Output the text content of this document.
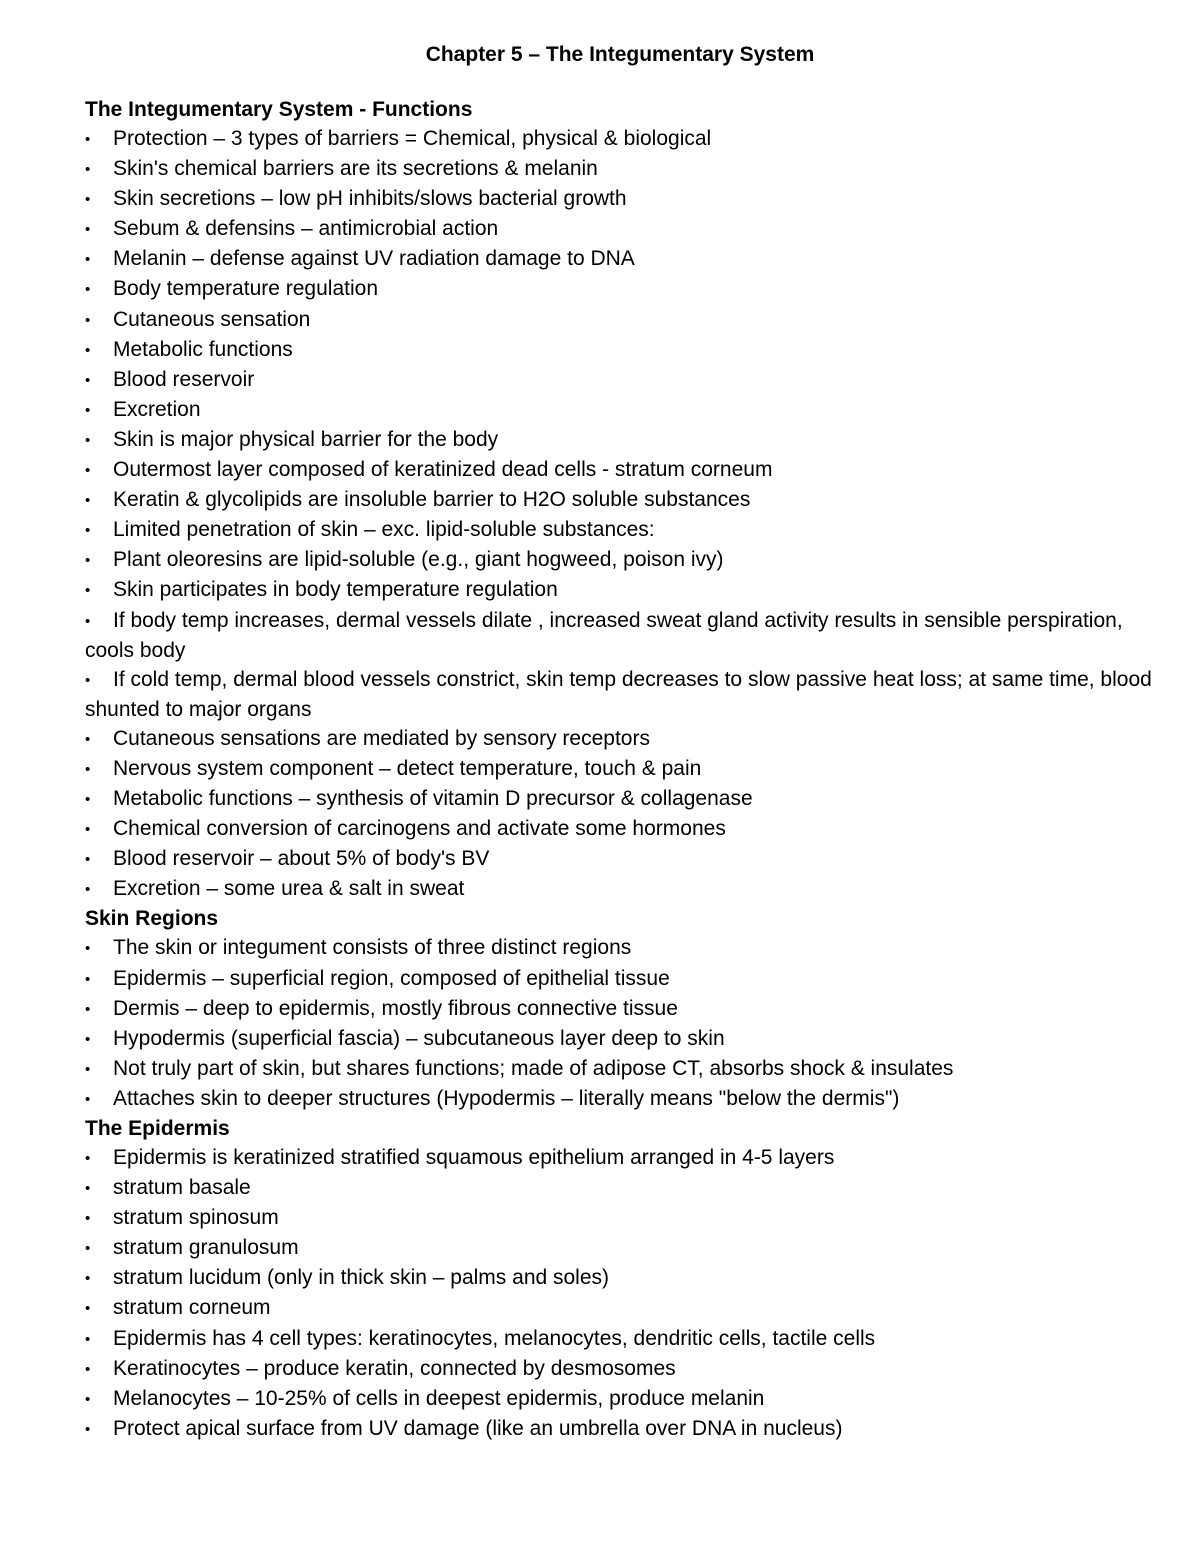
Chapter 5 – The Integumentary System
The Integumentary System - Functions
• Protection – 3 types of barriers = Chemical, physical & biological
• Skin's chemical barriers are its secretions & melanin
• Skin secretions – low pH inhibits/slows bacterial growth
• Sebum & defensins – antimicrobial action
• Melanin – defense against UV radiation damage to DNA
• Body temperature regulation
• Cutaneous sensation
• Metabolic functions
• Blood reservoir
• Excretion
• Skin is major physical barrier for the body
• Outermost layer composed of keratinized dead cells - stratum corneum
• Keratin & glycolipids are insoluble barrier to H2O soluble substances
• Limited penetration of skin – exc. lipid-soluble substances:
• Plant oleoresins are lipid-soluble (e.g., giant hogweed, poison ivy)
• Skin participates in body temperature regulation
• If body temp increases, dermal vessels dilate , increased sweat gland activity results in sensible perspiration, cools body
• If cold temp, dermal blood vessels constrict, skin temp decreases to slow passive heat loss; at same time, blood shunted to major organs
• Cutaneous sensations are mediated by sensory receptors
• Nervous system component – detect temperature, touch & pain
• Metabolic functions – synthesis of vitamin D precursor & collagenase
• Chemical conversion of carcinogens and activate some hormones
• Blood reservoir – about 5% of body's BV
• Excretion – some urea & salt in sweat
Skin Regions
• The skin or integument consists of three distinct regions
• Epidermis – superficial region, composed of epithelial tissue
• Dermis – deep to epidermis, mostly fibrous connective tissue
• Hypodermis (superficial fascia) – subcutaneous layer deep to skin
• Not truly part of skin, but shares functions; made of adipose CT, absorbs shock & insulates
• Attaches skin to deeper structures (Hypodermis – literally means "below the dermis")
The Epidermis
• Epidermis is keratinized stratified squamous epithelium arranged in 4-5 layers
• stratum basale
• stratum spinosum
• stratum granulosum
• stratum lucidum (only in thick skin – palms and soles)
• stratum corneum
• Epidermis has 4 cell types: keratinocytes, melanocytes, dendritic cells, tactile cells
• Keratinocytes – produce keratin, connected by desmosomes
• Melanocytes – 10-25% of cells in deepest epidermis, produce melanin
• Protect apical surface from UV damage (like an umbrella over DNA in nucleus)
